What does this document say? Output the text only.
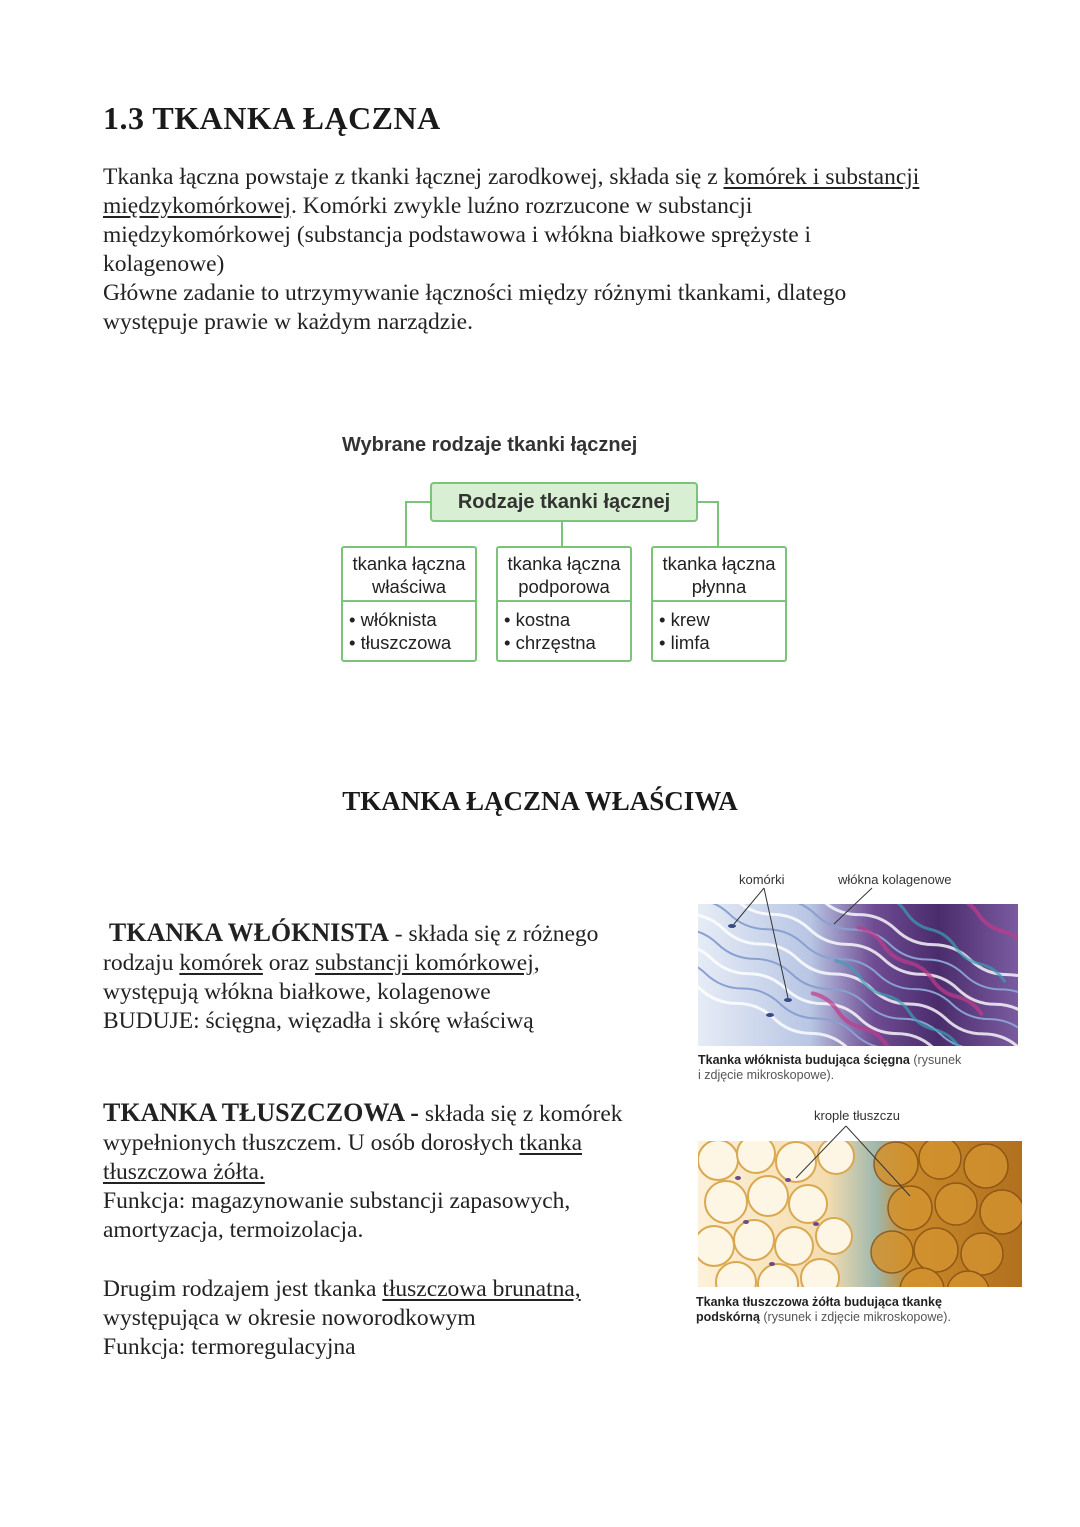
1.3 TKANKA ŁĄCZNA

Tkanka łączna powstaje z tkanki łącznej zarodkowej, składa się z komórek i substancji
międzykomórkowej. Komórki zwykle luźno rozrzucone w substancji
międzykomórkowej (substancja podstawowa i włókna białkowe sprężyste i
kolagenowe)
Główne zadanie to utrzymywanie łączności między różnymi tkankami, dlatego
występuje prawie w każdym narządzie.

Wybrane rodzaje tkanki łącznej
Rodzaje tkanki łącznej
tkanka łączna
właściwa
• włóknista
• tłuszczowa
tkanka łączna
podporowa
• kostna
• chrzęstna
tkanka łączna
płynna
• krew
• limfa
TKANKA ŁĄCZNA WŁAŚCIWA

TKANKA WŁÓKNISTA - składa się z różnego
rodzaju komórek oraz substancji komórkowej,
występują włókna białkowe, kolagenowe
BUDUJE: ścięgna, więzadła i skórę właściwą

TKANKA TŁUSZCZOWA - składa się z komórek
wypełnionych tłuszczem. U osób dorosłych tkanka
tłuszczowa żółta.
Funkcja: magazynowanie substancji zapasowych,
amortyzacja, termoizolacja.

Drugim rodzajem jest tkanka tłuszczowa brunatna,
występująca w okresie noworodkowym
Funkcja: termoregulacyjna

komórki	włókna kolagenowe
Tkanka włóknista budująca ścięgna (rysunek
i zdjęcie mikroskopowe).
krople tłuszczu
Tkanka tłuszczowa żółta budująca tkankę
podskórną (rysunek i zdjęcie mikroskopowe).
